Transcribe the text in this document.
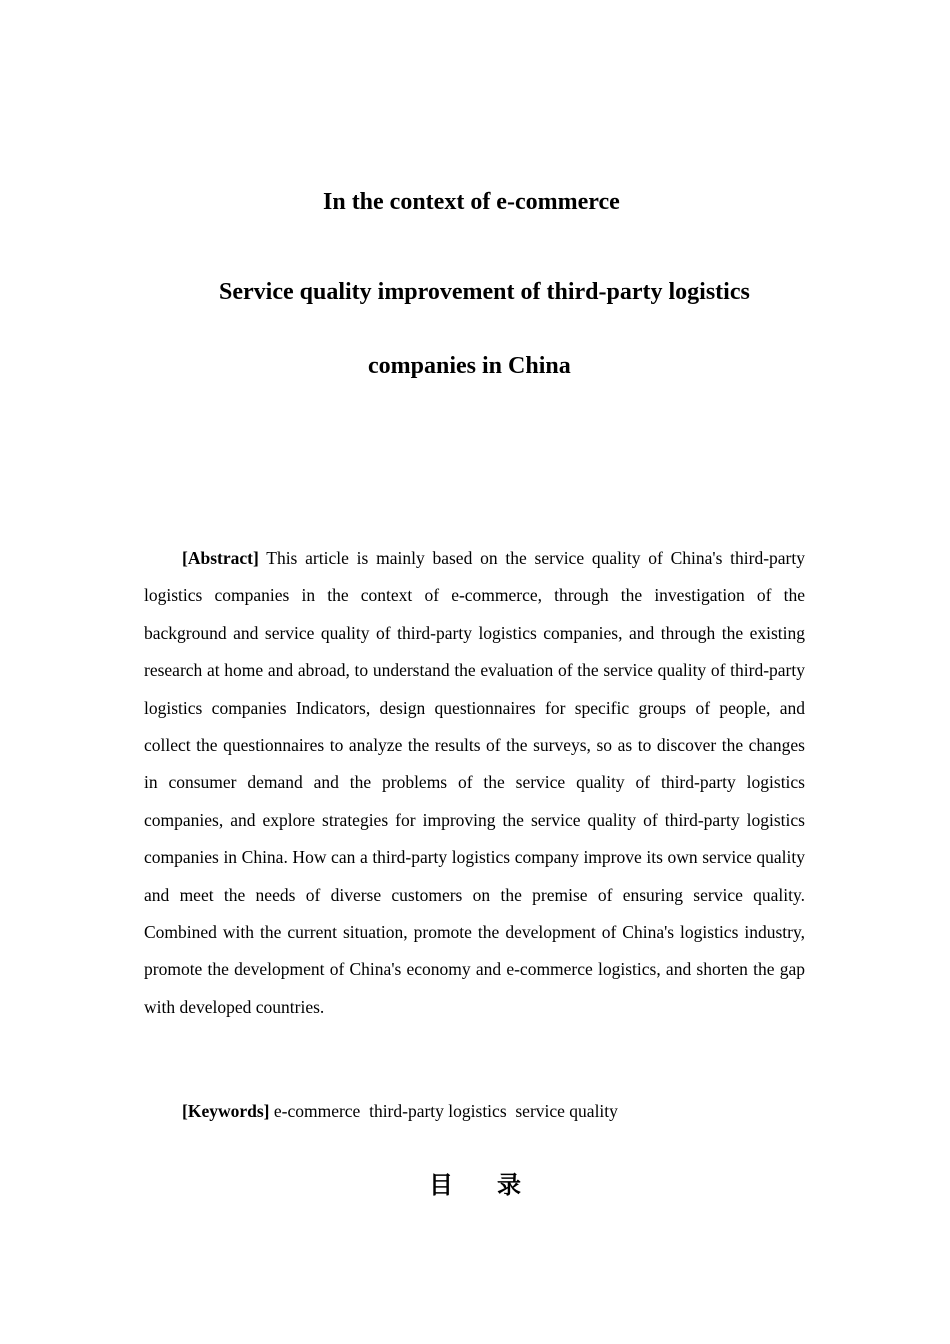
In the context of e-commerce
Service quality improvement of third-party logistics
companies in China

[Abstract] This article is mainly based on the service quality of China's third-party logistics companies in the context of e-commerce, through the investigation of the background and service quality of third-party logistics companies, and through the existing research at home and abroad, to understand the evaluation of the service quality of third-party logistics companies Indicators, design questionnaires for specific groups of people, and collect the questionnaires to analyze the results of the surveys, so as to discover the changes in consumer demand and the problems of the service quality of third-party logistics companies, and explore strategies for improving the service quality of third-party logistics companies in China. How can a third-party logistics company improve its own service quality and meet the needs of diverse customers on the premise of ensuring service quality. Combined with the current situation, promote the development of China's logistics industry, promote the development of China's economy and e-commerce logistics, and shorten the gap with developed countries.

[Keywords] e-commerce  third-party logistics  service quality
目 录
